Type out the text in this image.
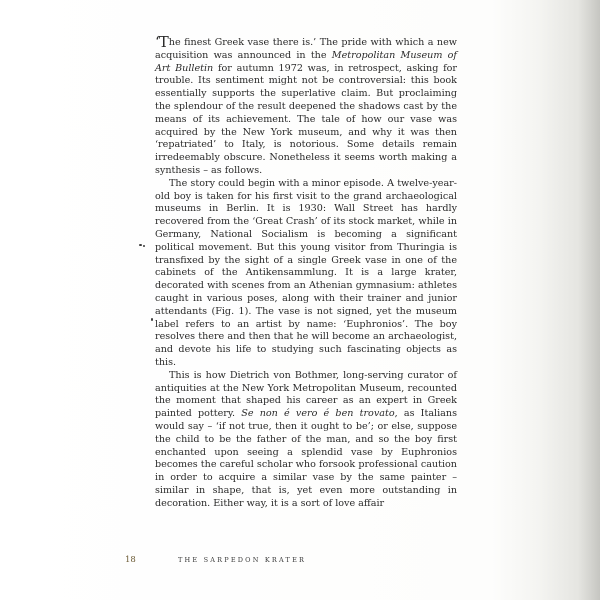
‘The finest Greek vase there is.’ The pride with which a new acquisition was announced in the Metropolitan Museum of Art Bulletin for autumn 1972 was, in retrospect, asking for trouble. Its sentiment might not be controversial: this book essentially supports the superlative claim. But proclaiming the splendour of the result deepened the shadows cast by the means of its achievement. The tale of how our vase was acquired by the New York museum, and why it was then ‘repatriated’ to Italy, is notorious. Some details remain irredeemably obscure. Nonetheless it seems worth making a synthesis – as follows.

The story could begin with a minor episode. A twelve-year-old boy is taken for his first visit to the grand archaeological museums in Berlin. It is 1930: Wall Street has hardly recovered from the ‘Great Crash’ of its stock market, while in Germany, National Socialism is becoming a significant political movement. But this young visitor from Thuringia is transfixed by the sight of a single Greek vase in one of the cabinets of the Antikensammlung. It is a large krater, decorated with scenes from an Athenian gymnasium: athletes caught in various poses, along with their trainer and junior attendants (Fig. 1). The vase is not signed, yet the museum label refers to an artist by name: ‘Euphronios’. The boy resolves there and then that he will become an archaeologist, and devote his life to studying such fascinating objects as this.

This is how Dietrich von Bothmer, long-serving curator of antiquities at the New York Metropolitan Museum, recounted the moment that shaped his career as an expert in Greek painted pottery. Se non é vero é ben trovato, as Italians would say – ‘if not true, then it ought to be’; or else, suppose the child to be the father of the man, and so the boy first enchanted upon seeing a splendid vase by Euphronios becomes the careful scholar who forsook professional caution in order to acquire a similar vase by the same painter – similar in shape, that is, yet even more outstanding in decoration. Either way, it is a sort of love affair

18	THE SARPEDON KRATER
